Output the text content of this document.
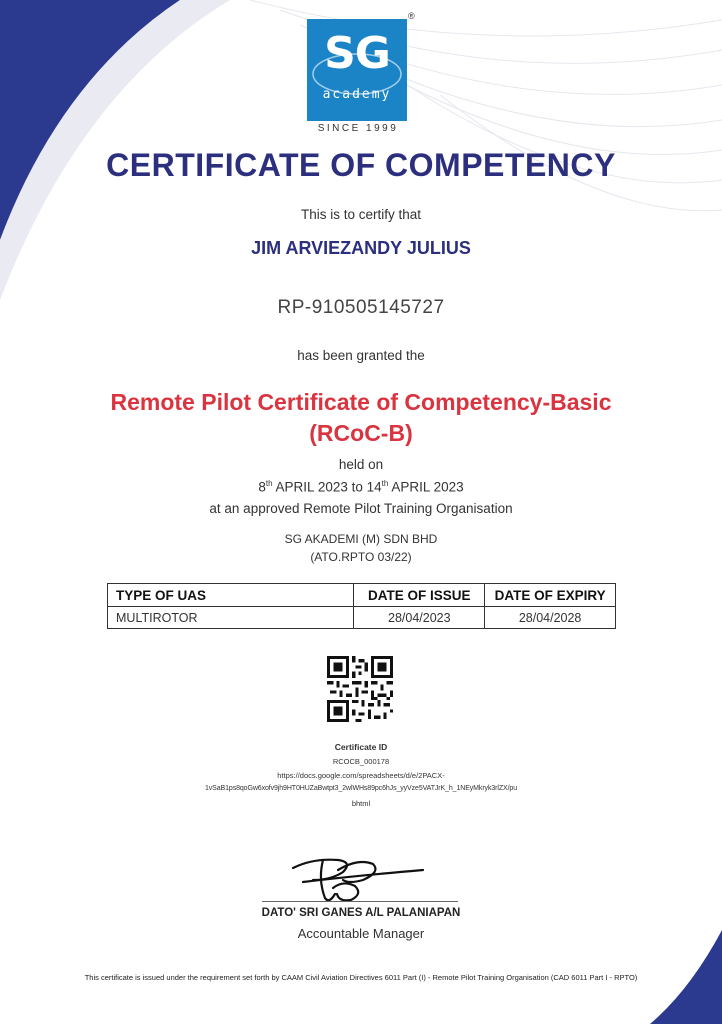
SG
academy
®
SINCE 1999
CERTIFICATE OF COMPETENCY
This is to certify that
JIM ARVIEZANDY JULIUS
RP-910505145727
has been granted the
Remote Pilot Certificate of Competency-Basic
(RCoC-B)
held on
8th APRIL 2023 to 14th APRIL 2023
at an approved Remote Pilot Training Organisation
SG AKADEMI (M) SDN BHD
(ATO.RPTO 03/22)
TYPE OF UAS	DATE OF ISSUE	DATE OF EXPIRY
MULTIROTOR	28/04/2023	28/04/2028
Certificate ID
RCOCB_000178
https://docs.google.com/spreadsheets/d/e/2PACX-
1vSaB1ps8qoGw6xofv9jh9HT0HUZaBwtpt3_2wlWHs89pc6hJs_yyVze5VATJrK_h_1NEyMkryk3rlZX/pu
bhtml
DATO' SRI GANES A/L PALANIAPAN
Accountable Manager
This certificate is issued under the requirement set forth by CAAM Civil Aviation Directives 6011 Part (I) - Remote Pilot Training Organisation (CAD 6011 Part I - RPTO)
